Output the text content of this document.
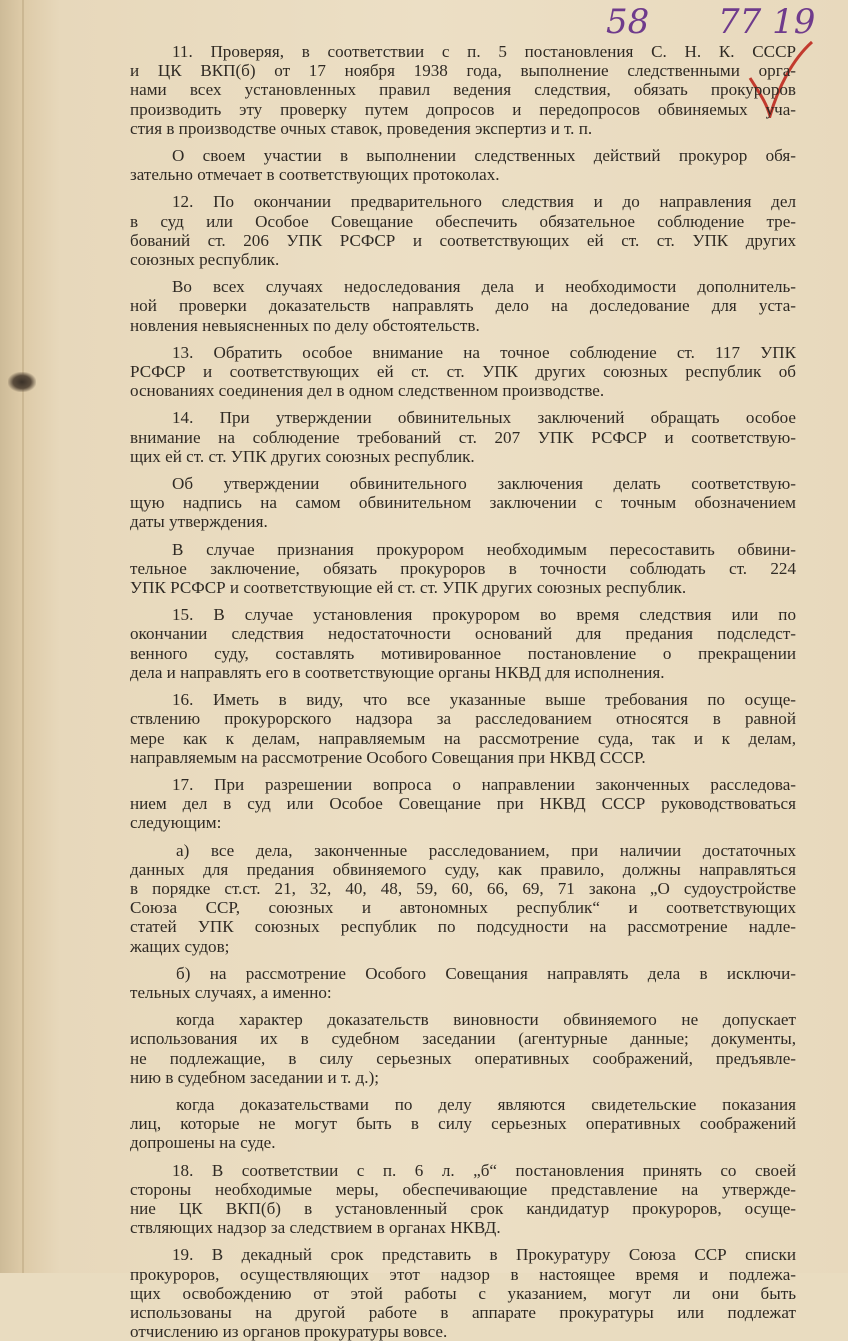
58 77 19
11. Проверяя, в соответствии с п. 5 постановления С. Н. К. СССР
и ЦК ВКП(б) от 17 ноября 1938 года, выполнение следственными орга-
нами всех установленных правил ведения следствия, обязать прокуроров
производить эту проверку путем допросов и передопросов обвиняемых уча-
стия в производстве очных ставок, проведения экспертиз и т. п.
О своем участии в выполнении следственных действий прокурор обя-
зательно отмечает в соответствующих протоколах.
12. По окончании предварительного следствия и до направления дел
в суд или Особое Совещание обеспечить обязательное соблюдение тре-
бований ст. 206 УПК РСФСР и соответствующих ей ст. ст. УПК других
союзных республик.
Во всех случаях недоследования дела и необходимости дополнитель-
ной проверки доказательств направлять дело на доследование для уста-
новления невыясненных по делу обстоятельств.
13. Обратить особое внимание на точное соблюдение ст. 117 УПК
РСФСР и соответствующих ей ст. ст. УПК других союзных республик об
основаниях соединения дел в одном следственном производстве.
14. При утверждении обвинительных заключений обращать особое
внимание на соблюдение требований ст. 207 УПК РСФСР и соответствую-
щих ей ст. ст. УПК других союзных республик.
Об утверждении обвинительного заключения делать соответствую-
щую надпись на самом обвинительном заключении с точным обозначением
даты утверждения.
В случае признания прокурором необходимым пересоставить обвини-
тельное заключение, обязать прокуроров в точности соблюдать ст. 224
УПК РСФСР и соответствующие ей ст. ст. УПК других союзных республик.
15. В случае установления прокурором во время следствия или по
окончании следствия недостаточности оснований для предания подследст-
венного суду, составлять мотивированное постановление о прекращении
дела и направлять его в соответствующие органы НКВД для исполнения.
16. Иметь в виду, что все указанные выше требования по осуще-
ствлению прокурорского надзора за расследованием относятся в равной
мере как к делам, направляемым на рассмотрение суда, так и к делам,
направляемым на рассмотрение Особого Совещания при НКВД СССР.
17. При разрешении вопроса о направлении законченных расследова-
нием дел в суд или Особое Совещание при НКВД СССР руководствоваться
следующим:
а) все дела, законченные расследованием, при наличии достаточных
данных для предания обвиняемого суду, как правило, должны направляться
в порядке ст.ст. 21, 32, 40, 48, 59, 60, 66, 69, 71 закона „О судоустройстве
Союза ССР, союзных и автономных республик“ и соответствующих
статей УПК союзных республик по подсудности на рассмотрение надле-
жащих судов;
б) на рассмотрение Особого Совещания направлять дела в исключи-
тельных случаях, а именно:
когда характер доказательств виновности обвиняемого не допускает
использования их в судебном заседании (агентурные данные; документы,
не подлежащие, в силу серьезных оперативных соображений, предъявле-
нию в судебном заседании и т. д.);
когда доказательствами по делу являются свидетельские показания
лиц, которые не могут быть в силу серьезных оперативных соображений
допрошены на суде.
18. В соответствии с п. 6 л. „б“ постановления принять со своей
стороны необходимые меры, обеспечивающие представление на утвержде-
ние ЦК ВКП(б) в установленный срок кандидатур прокуроров, осуще-
ствляющих надзор за следствием в органах НКВД.
19. В декадный срок представить в Прокуратуру Союза ССР списки
прокуроров, осуществляющих этот надзор в настоящее время и подлежа-
щих освобождению от этой работы с указанием, могут ли они быть
использованы на другой работе в аппарате прокуратуры или подлежат
отчислению из органов прокуратуры вовсе.
